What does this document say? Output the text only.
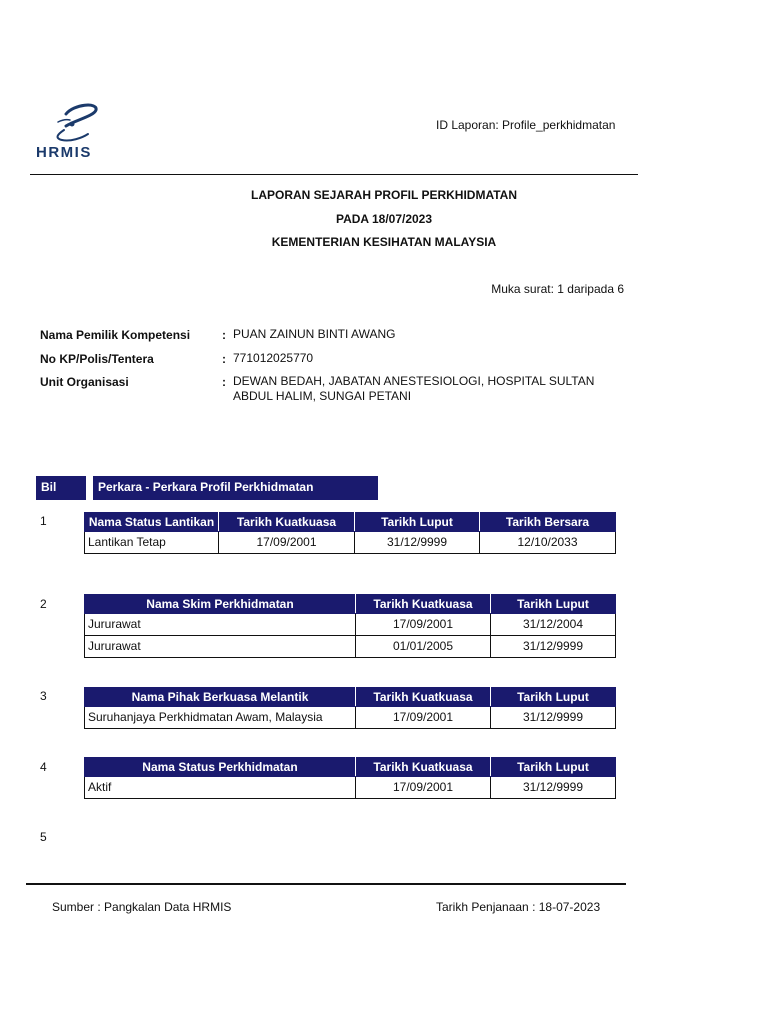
HRMIS
ID Laporan: Profile_perkhidmatan
LAPORAN SEJARAH PROFIL PERKHIDMATAN
PADA 18/07/2023
KEMENTERIAN KESIHATAN MALAYSIA
Muka surat: 1 daripada 6
Nama Pemilik Kompetensi	: PUAN ZAINUN BINTI AWANG
No KP/Polis/Tentera	: 771012025770
Unit Organisasi	: DEWAN BEDAH, JABATAN ANESTESIOLOGI, HOSPITAL SULTAN
ABDUL HALIM, SUNGAI PETANI
Bil	Perkara - Perkara Profil Perkhidmatan
1	Nama Status Lantikan	Tarikh Kuatkuasa	Tarikh Luput	Tarikh Bersara
Lantikan Tetap	17/09/2001	31/12/9999	12/10/2033
2	Nama Skim Perkhidmatan	Tarikh Kuatkuasa	Tarikh Luput
Jururawat	17/09/2001	31/12/2004
Jururawat	01/01/2005	31/12/9999
3	Nama Pihak Berkuasa Melantik	Tarikh Kuatkuasa	Tarikh Luput
Suruhanjaya Perkhidmatan Awam, Malaysia	17/09/2001	31/12/9999
4	Nama Status Perkhidmatan	Tarikh Kuatkuasa	Tarikh Luput
Aktif	17/09/2001	31/12/9999
5
Sumber : Pangkalan Data HRMIS	Tarikh Penjanaan : 18-07-2023
